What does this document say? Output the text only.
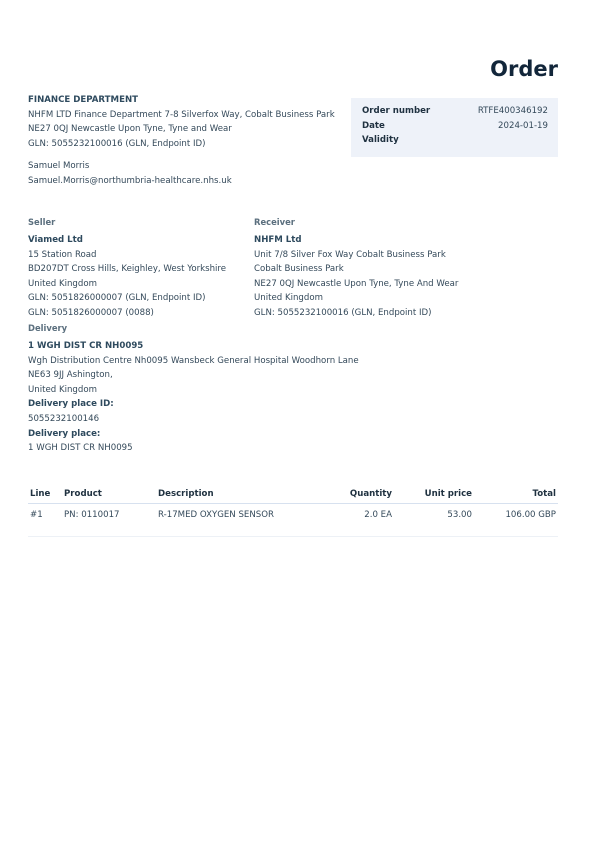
Order
FINANCE DEPARTMENT
NHFM LTD Finance Department 7-8 Silverfox Way, Cobalt Business Park
NE27 0QJ Newcastle Upon Tyne, Tyne and Wear
GLN: 5055232100016 (GLN, Endpoint ID)
Samuel Morris
Samuel.Morris@northumbria-healthcare.nhs.uk
Order number	RTFE400346192
Date	2024-01-19
Validity
Seller
Viamed Ltd
15 Station Road
BD207DT Cross Hills, Keighley, West Yorkshire
United Kingdom
GLN: 5051826000007 (GLN, Endpoint ID)
GLN: 5051826000007 (0088)
Receiver
NHFM Ltd
Unit 7/8 Silver Fox Way Cobalt Business Park
Cobalt Business Park
NE27 0QJ Newcastle Upon Tyne, Tyne And Wear
United Kingdom
GLN: 5055232100016 (GLN, Endpoint ID)
Delivery
1 WGH DIST CR NH0095
Wgh Distribution Centre Nh0095 Wansbeck General Hospital Woodhorn Lane
NE63 9JJ Ashington,
United Kingdom
Delivery place ID:
5055232100146
Delivery place:
1 WGH DIST CR NH0095
Line	Product	Description	Quantity	Unit price	Total
#1	PN: 0110017	R-17MED OXYGEN SENSOR	2.0 EA	53.00	106.00 GBP
